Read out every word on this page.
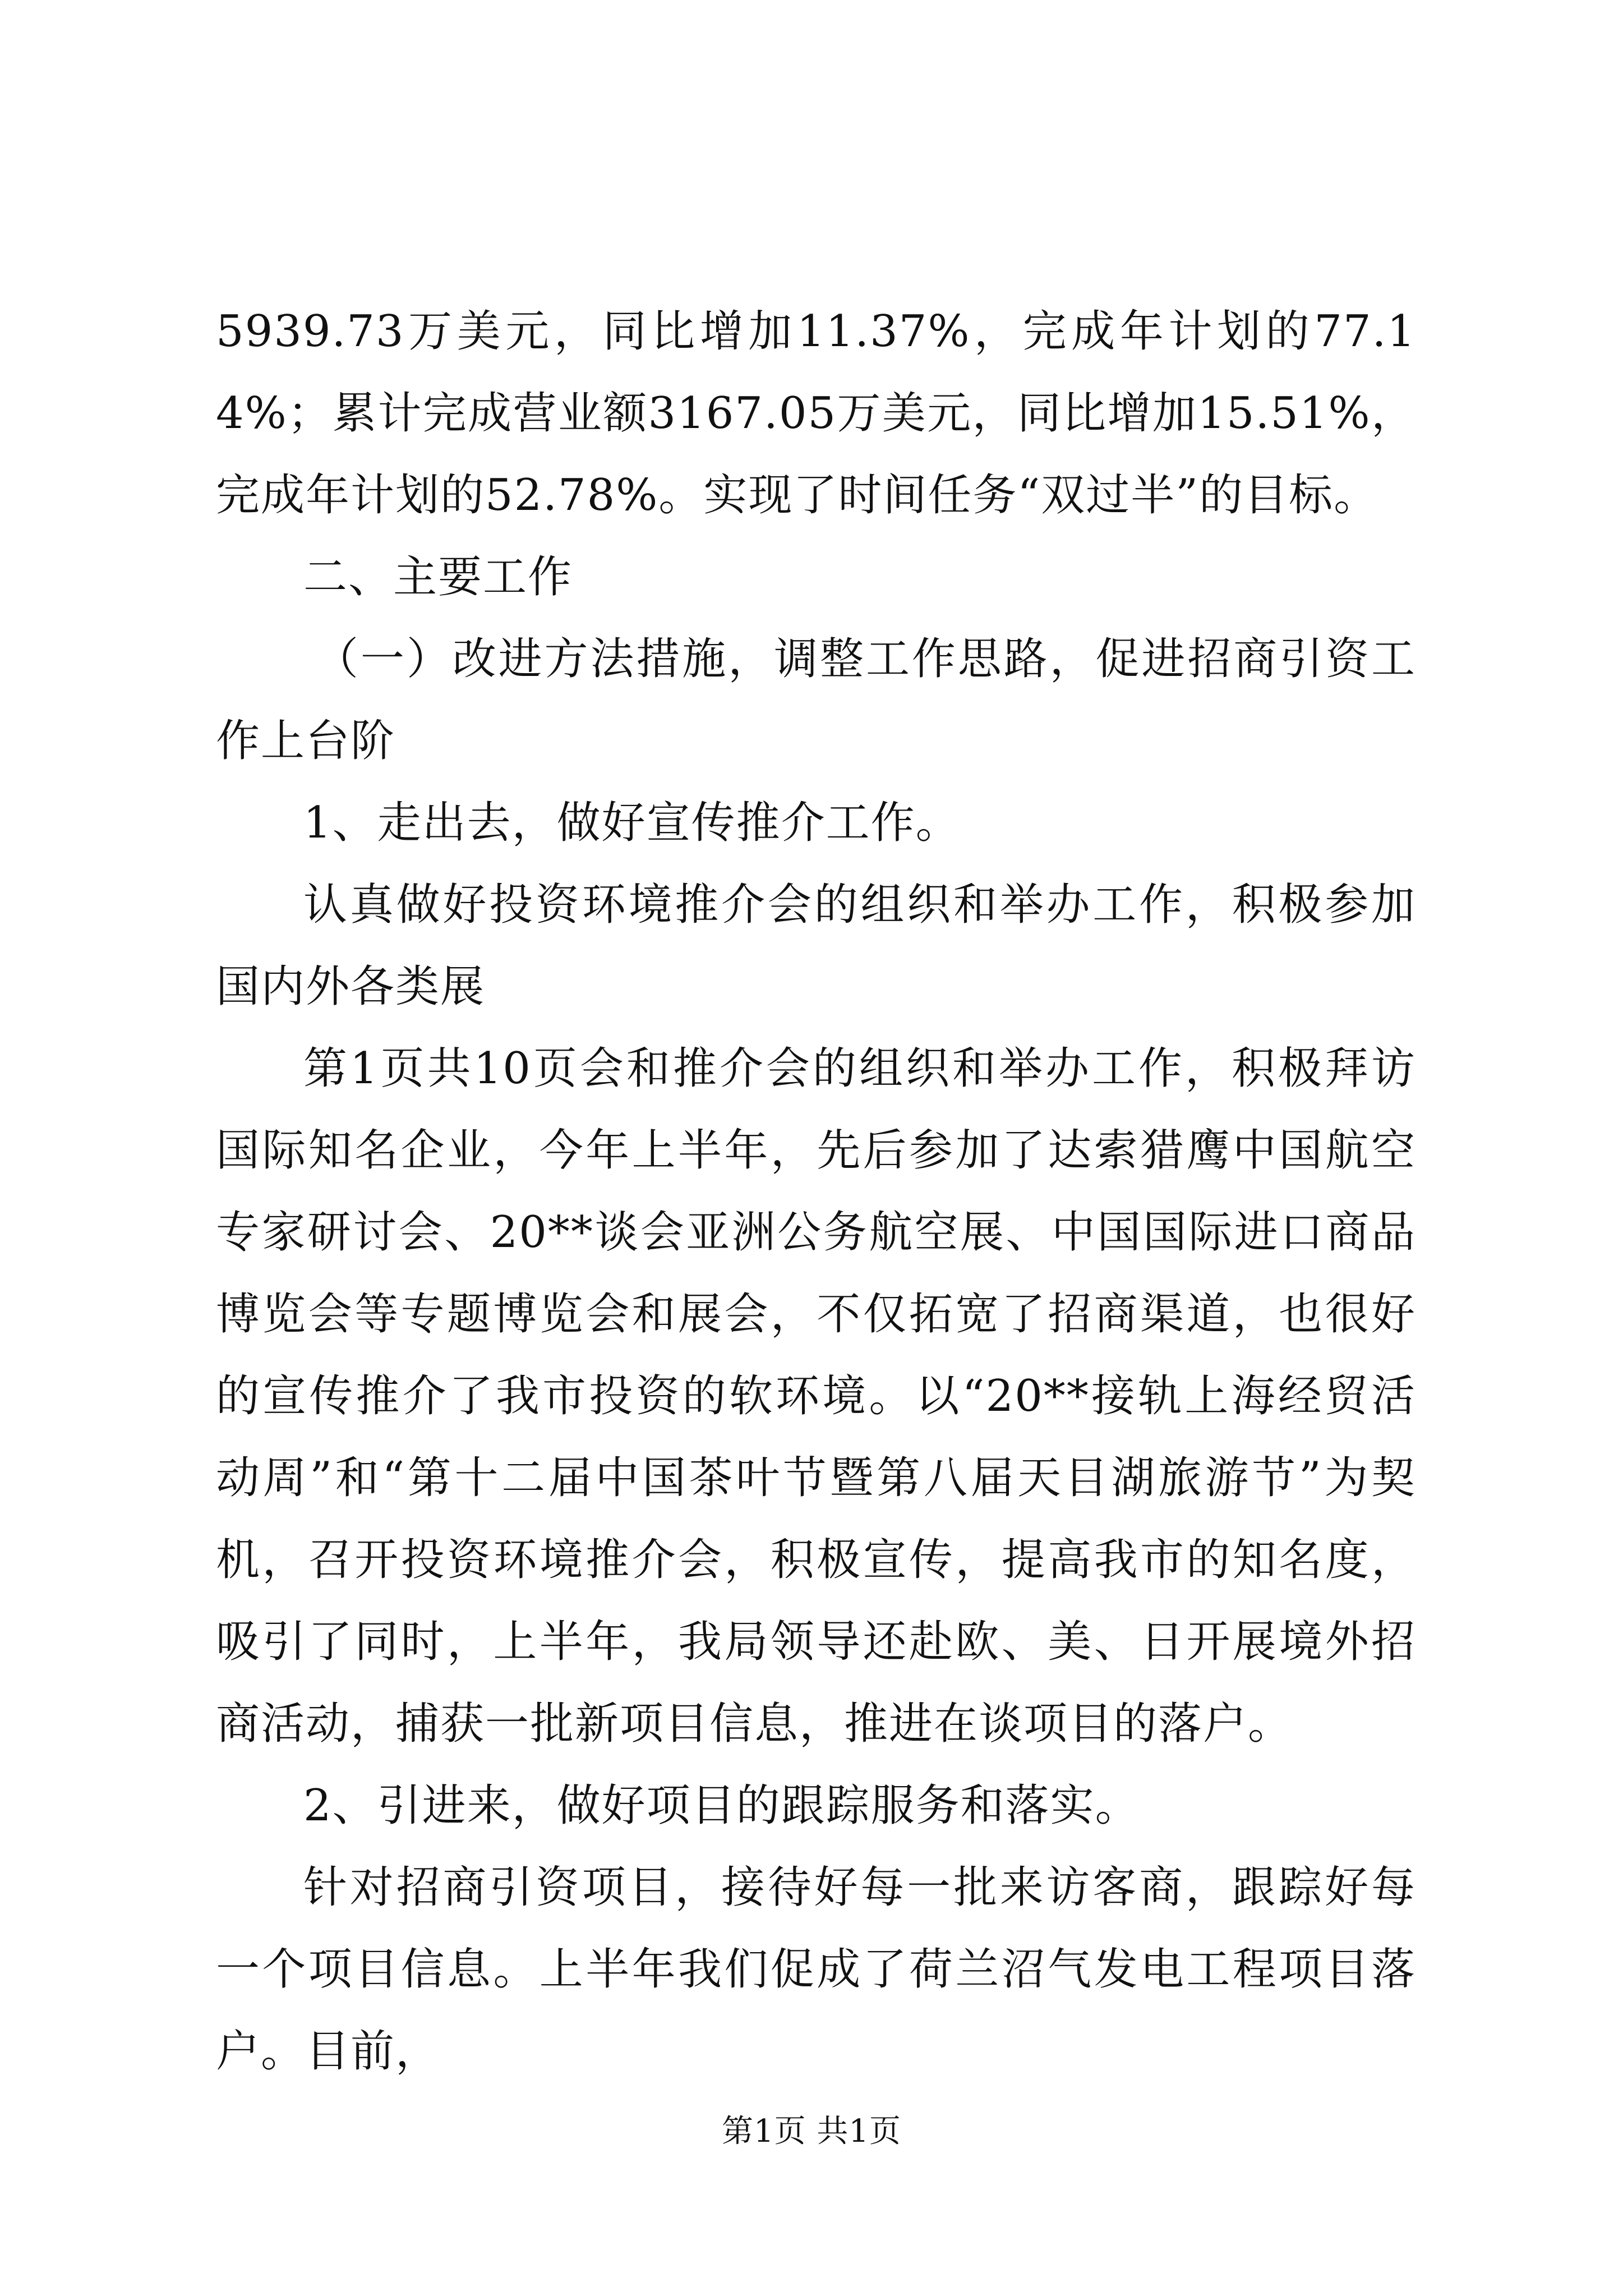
5939.73万美元，同比增加11.37%，完成年计划的77.14%；累计完成营业额3167.05万美元，同比增加15.51%，完成年计划的52.78%。实现了时间任务“双过半”的目标。

二、主要工作

（一）改进方法措施，调整工作思路，促进招商引资工作上台阶

1、走出去，做好宣传推介工作。

认真做好投资环境推介会的组织和举办工作，积极参加国内外各类展

第1页共10页会和推介会的组织和举办工作，积极拜访国际知名企业，今年上半年，先后参加了达索猎鹰中国航空专家研讨会、20**谈会亚洲公务航空展、中国国际进口商品博览会等专题博览会和展会，不仅拓宽了招商渠道，也很好的宣传推介了我市投资的软环境。以“20**接轨上海经贸活动周”和“第十二届中国茶叶节暨第八届天目湖旅游节”为契机，召开投资环境推介会，积极宣传，提高我市的知名度，吸引了同时，上半年，我局领导还赴欧、美、日开展境外招商活动，捕获一批新项目信息，推进在谈项目的落户。

2、引进来，做好项目的跟踪服务和落实。

针对招商引资项目，接待好每一批来访客商，跟踪好每一个项目信息。上半年我们促成了荷兰沼气发电工程项目落户。目前，

第1页 共1页
